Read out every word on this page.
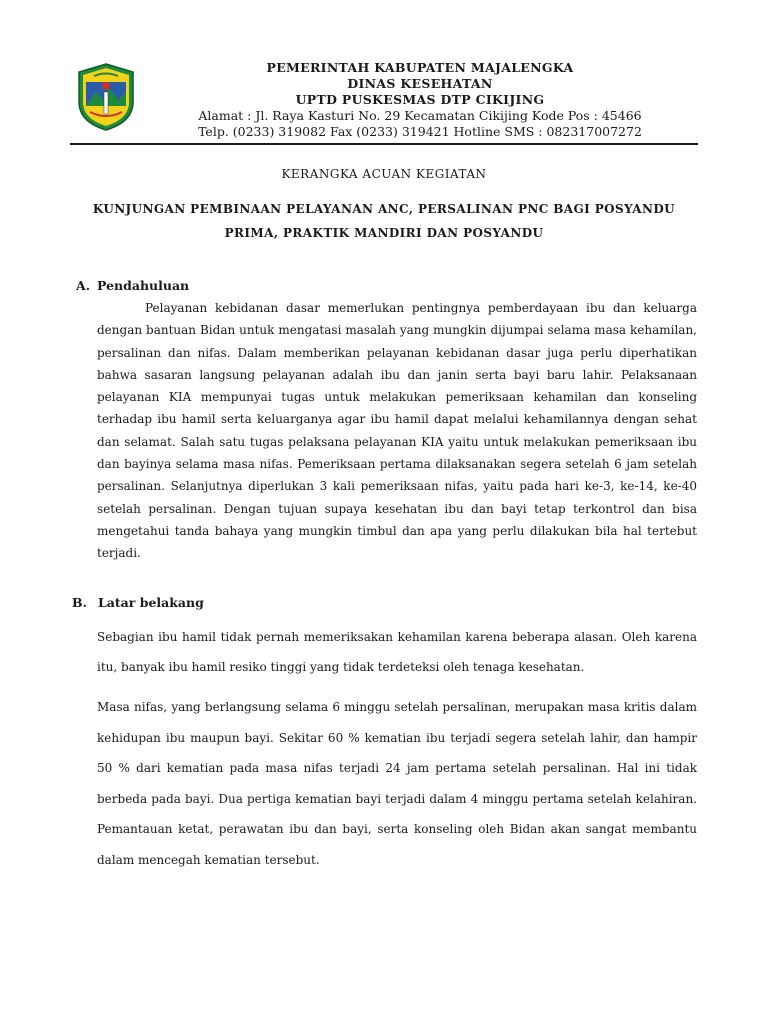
PEMERINTAH KABUPATEN MAJALENGKA
DINAS KESEHATAN
UPTD PUSKESMAS DTP CIKIJING
Alamat : Jl. Raya Kasturi No. 29 Kecamatan Cikijing Kode Pos : 45466
Telp. (0233) 319082 Fax (0233) 319421 Hotline SMS : 082317007272
KERANGKA ACUAN KEGIATAN
KUNJUNGAN PEMBINAAN PELAYANAN ANC, PERSALINAN PNC BAGI POSYANDU
PRIMA, PRAKTIK MANDIRI DAN POSYANDU
A. Pendahuluan
Pelayanan kebidanan dasar memerlukan pentingnya pemberdayaan ibu dan keluarga dengan bantuan Bidan untuk mengatasi masalah yang mungkin dijumpai selama masa kehamilan, persalinan dan nifas. Dalam memberikan pelayanan kebidanan dasar juga perlu diperhatikan bahwa sasaran langsung pelayanan adalah ibu dan janin serta bayi baru lahir. Pelaksanaan pelayanan KIA mempunyai tugas untuk melakukan pemeriksaan kehamilan dan konseling terhadap ibu hamil serta keluarganya agar ibu hamil dapat melalui kehamilannya dengan sehat dan selamat. Salah satu tugas pelaksana pelayanan KIA yaitu untuk melakukan pemeriksaan ibu dan bayinya selama masa nifas. Pemeriksaan pertama dilaksanakan segera setelah 6 jam setelah persalinan. Selanjutnya diperlukan 3 kali pemeriksaan nifas, yaitu pada hari ke-3, ke-14, ke-40 setelah persalinan. Dengan tujuan supaya kesehatan ibu dan bayi tetap terkontrol dan bisa mengetahui tanda bahaya yang mungkin timbul dan apa yang perlu dilakukan bila hal tertebut terjadi.
B. Latar belakang
Sebagian ibu hamil tidak pernah memeriksakan kehamilan karena beberapa alasan. Oleh karena itu, banyak ibu hamil resiko tinggi yang tidak terdeteksi oleh tenaga kesehatan.
Masa nifas, yang berlangsung selama 6 minggu setelah persalinan, merupakan masa kritis dalam kehidupan ibu maupun bayi. Sekitar 60 % kematian ibu terjadi segera setelah lahir, dan hampir 50 % dari kematian pada masa nifas terjadi 24 jam pertama setelah persalinan. Hal ini tidak berbeda pada bayi. Dua pertiga kematian bayi terjadi dalam 4 minggu pertama setelah kelahiran. Pemantauan ketat, perawatan ibu dan bayi, serta konseling oleh Bidan akan sangat membantu dalam mencegah kematian tersebut.
